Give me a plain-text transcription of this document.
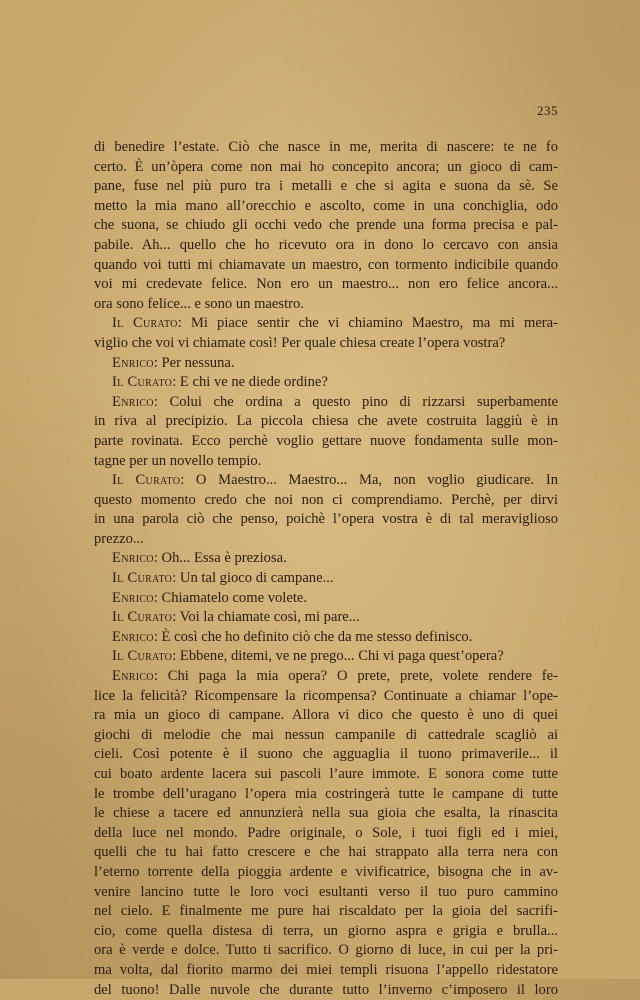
235
di benedire l’estate. Ciò che nasce in me, merita di nascere: te ne fo
certo. È un’òpera come non mai ho concepito ancora; un gioco di cam-
pane, fuse nel più puro tra i metalli e che si agita e suona da sè. Se
metto la mia mano all’orecchio e ascolto, come in una conchiglia, odo
che suona, se chiudo gli occhi vedo che prende una forma precisa e pal-
pabile. Ah... quello che ho ricevuto ora in dono lo cercavo con ansia
quando voi tutti mi chiamavate un maestro, con tormento indicibile quando
voi mi credevate felice. Non ero un maestro... non ero felice ancora...
ora sono felice... e sono un maestro.
Il Curato: Mi piace sentir che vi chiamino Maestro, ma mi mera-
viglio che voi vi chiamate così! Per quale chiesa create l’opera vostra?
Enrico: Per nessuna.
Il Curato: E chi ve ne diede ordine?
Enrico: Colui che ordina a questo pino di rizzarsi superbamente
in riva al precipizio. La piccola chiesa che avete costruita laggiù è in
parte rovinata. Ecco perchè voglio gettare nuove fondamenta sulle mon-
tagne per un novello tempio.
Il Curato: O Maestro... Maestro... Ma, non voglio giudicare. In
questo momento credo che noi non ci comprendiamo. Perchè, per dirvi
in una parola ciò che penso, poichè l’opera vostra è di tal meraviglioso
prezzo...
Enrico: Oh... Essa è preziosa.
Il Curato: Un tal gioco di campane...
Enrico: Chiamatelo come volete.
Il Curato: Voi la chiamate così, mi pare...
Enrico: È così che ho definito ciò che da me stesso definisco.
Il Curato: Ebbene, ditemi, ve ne prego... Chi vi paga quest’opera?
Enrico: Chi paga la mia opera? O prete, prete, volete rendere fe-
lice la felicità? Ricompensare la ricompensa? Continuate a chiamar l’ope-
ra mia un gioco di campane. Allora vi dico che questo è uno di quei
giochi di melodie che mai nessun campanile di cattedrale scagliò ai
cieli. Così potente è il suono che agguaglia il tuono primaverile... il
cui boato ardente lacera sui pascoli l’aure immote. E sonora come tutte
le trombe dell’uragano l’opera mia costringerà tutte le campane di tutte
le chiese a tacere ed annunzierà nella sua gioia che esalta, la rinascita
della luce nel mondo. Padre originale, o Sole, i tuoi figli ed i miei,
quelli che tu hai fatto crescere e che hai strappato alla terra nera con
l’eterno torrente della pioggia ardente e vivificatrice, bisogna che in av-
venire lancino tutte le loro voci esultanti verso il tuo puro cammino
nel cielo. E finalmente me pure hai riscaldato per la gioia del sacrifi-
cio, come quella distesa di terra, un giorno aspra e grigia e brulla...
ora è verde e dolce. Tutto ti sacrifico. O giorno di luce, in cui per la pri-
ma volta, dal fiorito marmo dei miei templi risuona l’appello ridestatore
del tuono! Dalle nuvole che durante tutto l’inverno c’imposero il loro
